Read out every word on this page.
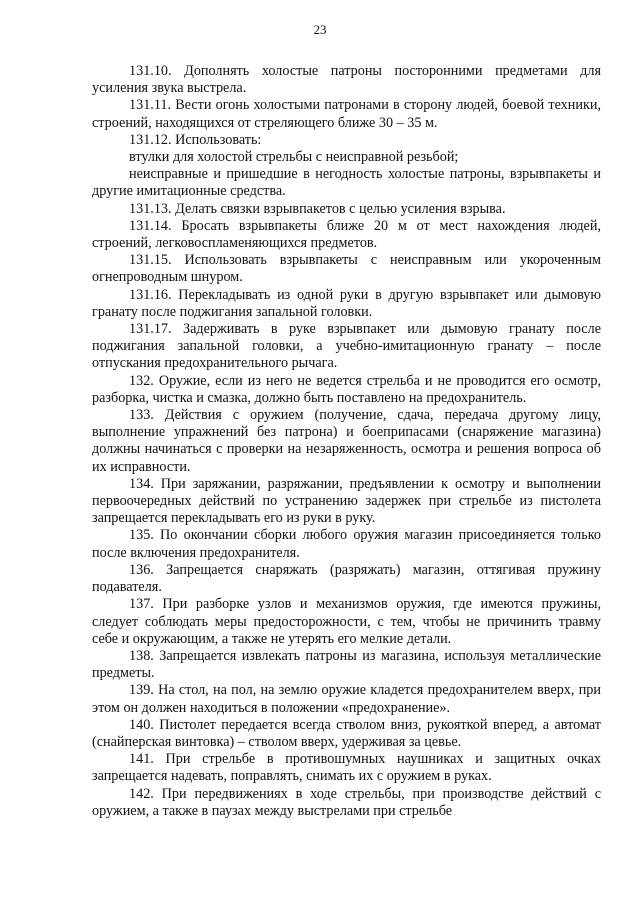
23

131.10. Дополнять холостые патроны посторонними предметами для усиления звука выстрела.

131.11. Вести огонь холостыми патронами в сторону людей, боевой техники, строений, находящихся от стреляющего ближе 30 – 35 м.

131.12. Использовать:

втулки для холостой стрельбы с неисправной резьбой;

неисправные и пришедшие в негодность холостые патроны, взрывпакеты и другие имитационные средства.

131.13. Делать связки взрывпакетов с целью усиления взрыва.

131.14. Бросать взрывпакеты ближе 20 м от мест нахождения людей, строений, легковоспламеняющихся предметов.

131.15. Использовать взрывпакеты с неисправным или укороченным огнепроводным шнуром.

131.16. Перекладывать из одной руки в другую взрывпакет или дымовую гранату после поджигания запальной головки.

131.17. Задерживать в руке взрывпакет или дымовую гранату после поджигания запальной головки, а учебно-имитационную гранату – после отпускания предохранительного рычага.

132. Оружие, если из него не ведется стрельба и не проводится его осмотр, разборка, чистка и смазка, должно быть поставлено на предохранитель.

133. Действия с оружием (получение, сдача, передача другому лицу, выполнение упражнений без патрона) и боеприпасами (снаряжение магазина) должны начинаться с проверки на незаряженность, осмотра и решения вопроса об их исправности.

134. При заряжании, разряжании, предъявлении к осмотру и выполнении первоочередных действий по устранению задержек при стрельбе из пистолета запрещается перекладывать его из руки в руку.

135. По окончании сборки любого оружия магазин присоединяется только после включения предохранителя.

136. Запрещается снаряжать (разряжать) магазин, оттягивая пружину подавателя.

137. При разборке узлов и механизмов оружия, где имеются пружины, следует соблюдать меры предосторожности, с тем, чтобы не причинить травму себе и окружающим, а также не утерять его мелкие детали.

138. Запрещается извлекать патроны из магазина, используя металлические предметы.

139. На стол, на пол, на землю оружие кладется предохранителем вверх, при этом он должен находиться в положении «предохранение».

140. Пистолет передается всегда стволом вниз, рукояткой вперед, а автомат (снайперская винтовка) – стволом вверх, удерживая за цевье.

141. При стрельбе в противошумных наушниках и защитных очках запрещается надевать, поправлять, снимать их с оружием в руках.

142. При передвижениях в ходе стрельбы, при производстве действий с оружием, а также в паузах между выстрелами при стрельбе
